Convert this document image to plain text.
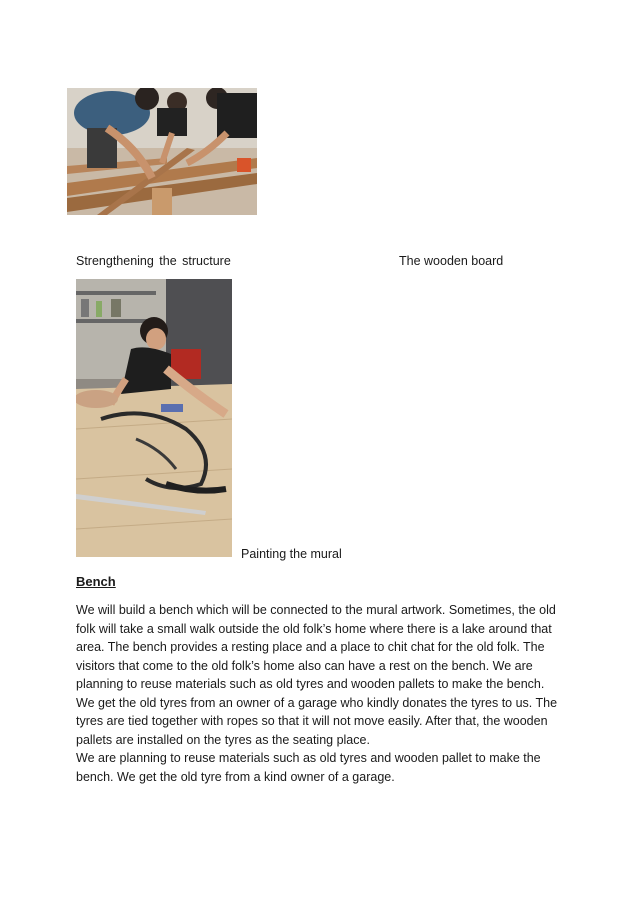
Strengthening the structure	The wooden board
Painting the mural
Bench

We will build a bench which will be connected to the mural artwork. Sometimes, the old folk will take a small walk outside the old folk’s home where there is a lake around that area. The bench provides a resting place and a place to chit chat for the old folk. The visitors that come to the old folk’s home also can have a rest on the bench. We are planning to reuse materials such as old tyres and wooden pallets to make the bench. We get the old tyres from an owner of a garage who kindly donates the tyres to us. The tyres are tied together with ropes so that it will not move easily. After that, the wooden pallets are installed on the tyres as the seating place.

We are planning to reuse materials such as old tyres and wooden pallet to make the bench. We get the old tyre from a kind owner of a garage.
